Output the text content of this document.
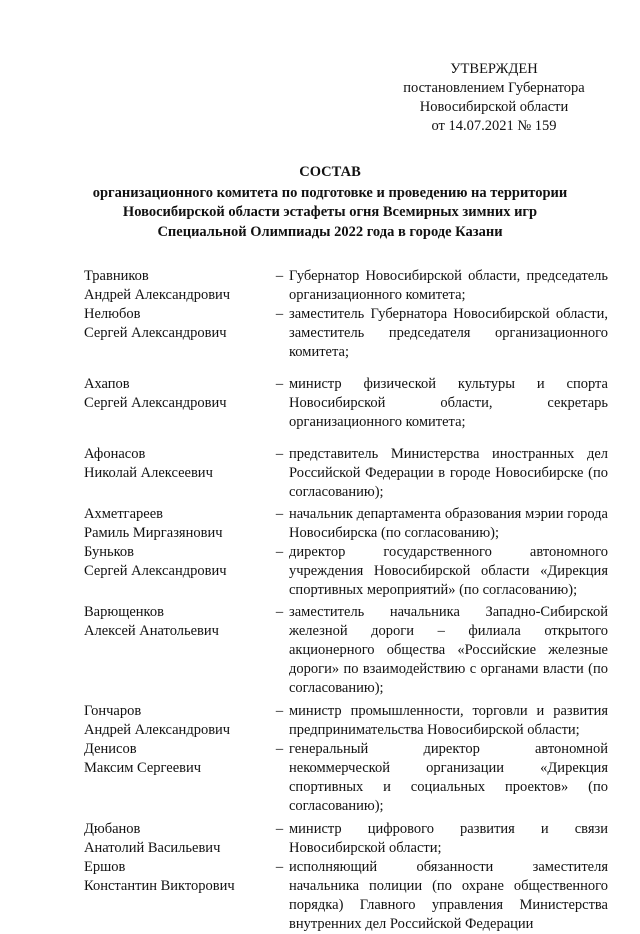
УТВЕРЖДЕН
постановлением Губернатора
Новосибирской области
от 14.07.2021 № 159
СОСТАВ
организационного комитета по подготовке и проведению на территории
Новосибирской области эстафеты огня Всемирных зимних игр
Специальной Олимпиады 2022 года в городе Казани
Травников
Андрей Александрович
– Губернатор Новосибирской области, председатель организационного комитета;
Нелюбов
Сергей Александрович
– заместитель Губернатора Новосибирской области, заместитель председателя организационного комитета;
Ахапов
Сергей Александрович
– министр физической культуры и спорта Новосибирской области, секретарь организационного комитета;
Афонасов
Николай Алексеевич
– представитель Министерства иностранных дел Российской Федерации в городе Новосибирске (по согласованию);
Ахметгареев
Рамиль Миргазянович
– начальник департамента образования мэрии города Новосибирска (по согласованию);
Буньков
Сергей Александрович
– директор государственного автономного учреждения Новосибирской области «Дирекция спортивных мероприятий» (по согласованию);
Варющенков
Алексей Анатольевич
– заместитель начальника Западно-Сибирской железной дороги – филиала открытого акционерного общества «Российские железные дороги» по взаимодействию с органами власти (по согласованию);
Гончаров
Андрей Александрович
– министр промышленности, торговли и развития предпринимательства Новосибирской области;
Денисов
Максим Сергеевич
– генеральный директор автономной некоммерческой организации «Дирекция спортивных и социальных проектов» (по согласованию);
Дюбанов
Анатолий Васильевич
– министр цифрового развития и связи Новосибирской области;
Ершов
Константин Викторович
– исполняющий обязанности заместителя начальника полиции (по охране общественного порядка) Главного управления Министерства внутренних дел Российской Федерации
